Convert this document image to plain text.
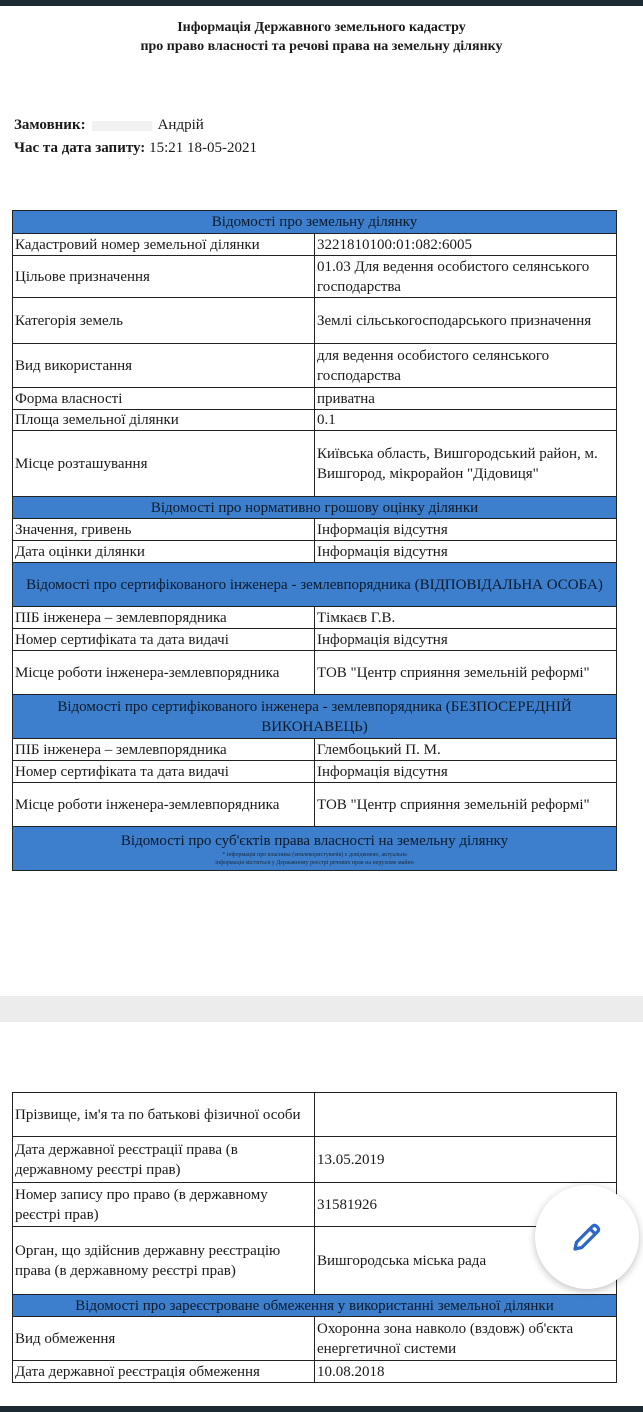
Інформація Державного земельного кадастру
про право власності та речові права на земельну ділянку
Замовник:	Андрій
Час та дата запиту: 15:21 18-05-2021
Відомості про земельну ділянку	
Кадастровий номер земельної ділянки	3221810100:01:082:6005
Цільове призначення	01.03 Для ведення особистого селянського господарства
Категорія земель	Землі сільськогосподарського призначення
Вид використання	для ведення особистого селянського господарства
Форма власності	приватна
Площа земельної ділянки	0.1
Місце розташування	Київська область, Вишгородський район, м. Вишгород, мікрорайон "Дідовиця"
Відомості про нормативно грошову оцінку ділянки	
Значення, гривень	Інформація відсутня
Дата оцінки ділянки	Інформація відсутня
Відомості про сертифікованого інженера - землевпорядника (ВІДПОВІДАЛЬНА ОСОБА)	
ПІБ інженера – землевпорядника	Тімкаєв Г.В.
Номер сертифіката та дата видачі	Інформація відсутня
Місце роботи інженера-землевпорядника	ТОВ "Центр сприяння земельній реформі"
Відомості про сертифікованого інженера - землевпорядника (БЕЗПОСЕРЕДНІЙ ВИКОНАВЕЦЬ)	
ПІБ інженера – землевпорядника	Глембоцький П. М.
Номер сертифіката та дата видачі	Інформація відсутня
Місце роботи інженера-землевпорядника	ТОВ "Центр сприяння земельній реформі"
Відомості про суб'єктів права власності на земельну ділянку
* інформація про власника (землекористувачів) є довідковою, актуальна
інформація міститься у Державному реєстрі речових прав на нерухоме майно	
Прізвище, ім'я та по батькові фізичної особи	
Дата державної реєстрації права (в державному реєстрі прав)	13.05.2019
Номер запису про право (в державному реєстрі прав)	31581926
Орган, що здійснив державну реєстрацію права (в державному реєстрі прав)	Вишгородська міська рада
Відомості про зареєстроване обмеження у використанні земельної ділянки	
Вид обмеження	Охоронна зона навколо (вздовж) об'єкта енергетичної системи
Дата державної реєстрація обмеження	10.08.2018
